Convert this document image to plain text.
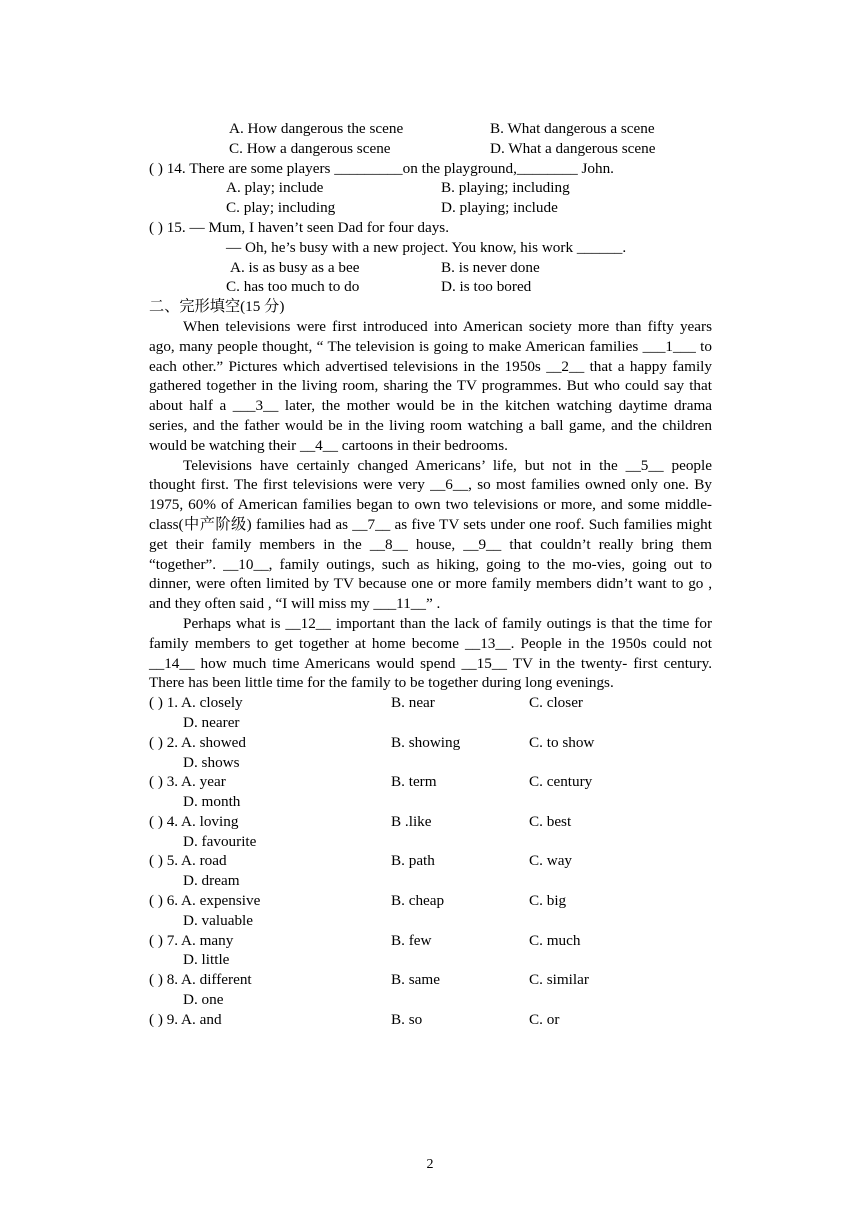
A. How dangerous the scene	B. What dangerous a scene
C. How a dangerous scene	D. What a dangerous scene
( ) 14. There are some players _________on the playground,________ John.
A. play; include	B. playing; including
C. play; including	D. playing; include
( ) 15. — Mum, I haven’t seen Dad for four days.
— Oh, he’s busy with a new project. You know, his work ______.
A. is as busy as a bee	B. is never done
C. has too much to do	D. is too bored
二、完形填空(15 分)

When televisions were first introduced into American society more than fifty years ago, many people thought, “ The television is going to make American families ___1___ to each other.” Pictures which advertised televisions in the 1950s __2__ that a happy family gathered together in the living room, sharing the TV programmes. But who could say that about half a ___3__ later, the mother would be in the kitchen watching daytime drama series, and the father would be in the living room watching a ball game, and the children would be watching their __4__ cartoons in their bedrooms.

Televisions have certainly changed Americans’ life, but not in the __5__ people thought first. The first televisions were very __6__, so most families owned only one. By 1975, 60% of American families began to own two televisions or more, and some middle-class(中产阶级) families had as __7__ as five TV sets under one roof. Such families might get their family members in the __8__ house, __9__ that couldn’t really bring them “together”. __10__, family outings, such as hiking, going to the mo-vies, going out to dinner, were often limited by TV because one or more family members didn’t want to go , and they often said , “I will miss my ___11__” .

Perhaps what is __12__ important than the lack of family outings is that the time for family members to get together at home become __13__. People in the 1950s could not __14__ how much time Americans would spend __15__ TV in the twenty- first century. There has been little time for the family to be together during long evenings.

( ) 1. A. closely	B. near	C. closer
D. nearer
( ) 2. A. showed	B. showing	C. to show
D. shows
( ) 3. A. year	B. term	C. century
D. month
( ) 4. A. loving	B .like	C. best
D. favourite
( ) 5. A. road	B. path	C. way
D. dream
( ) 6. A. expensive	B. cheap	C. big
D. valuable
( ) 7. A. many	B. few	C. much
D. little
( ) 8. A. different	B. same	C. similar
D. one
( ) 9. A. and	B. so	C. or
2
